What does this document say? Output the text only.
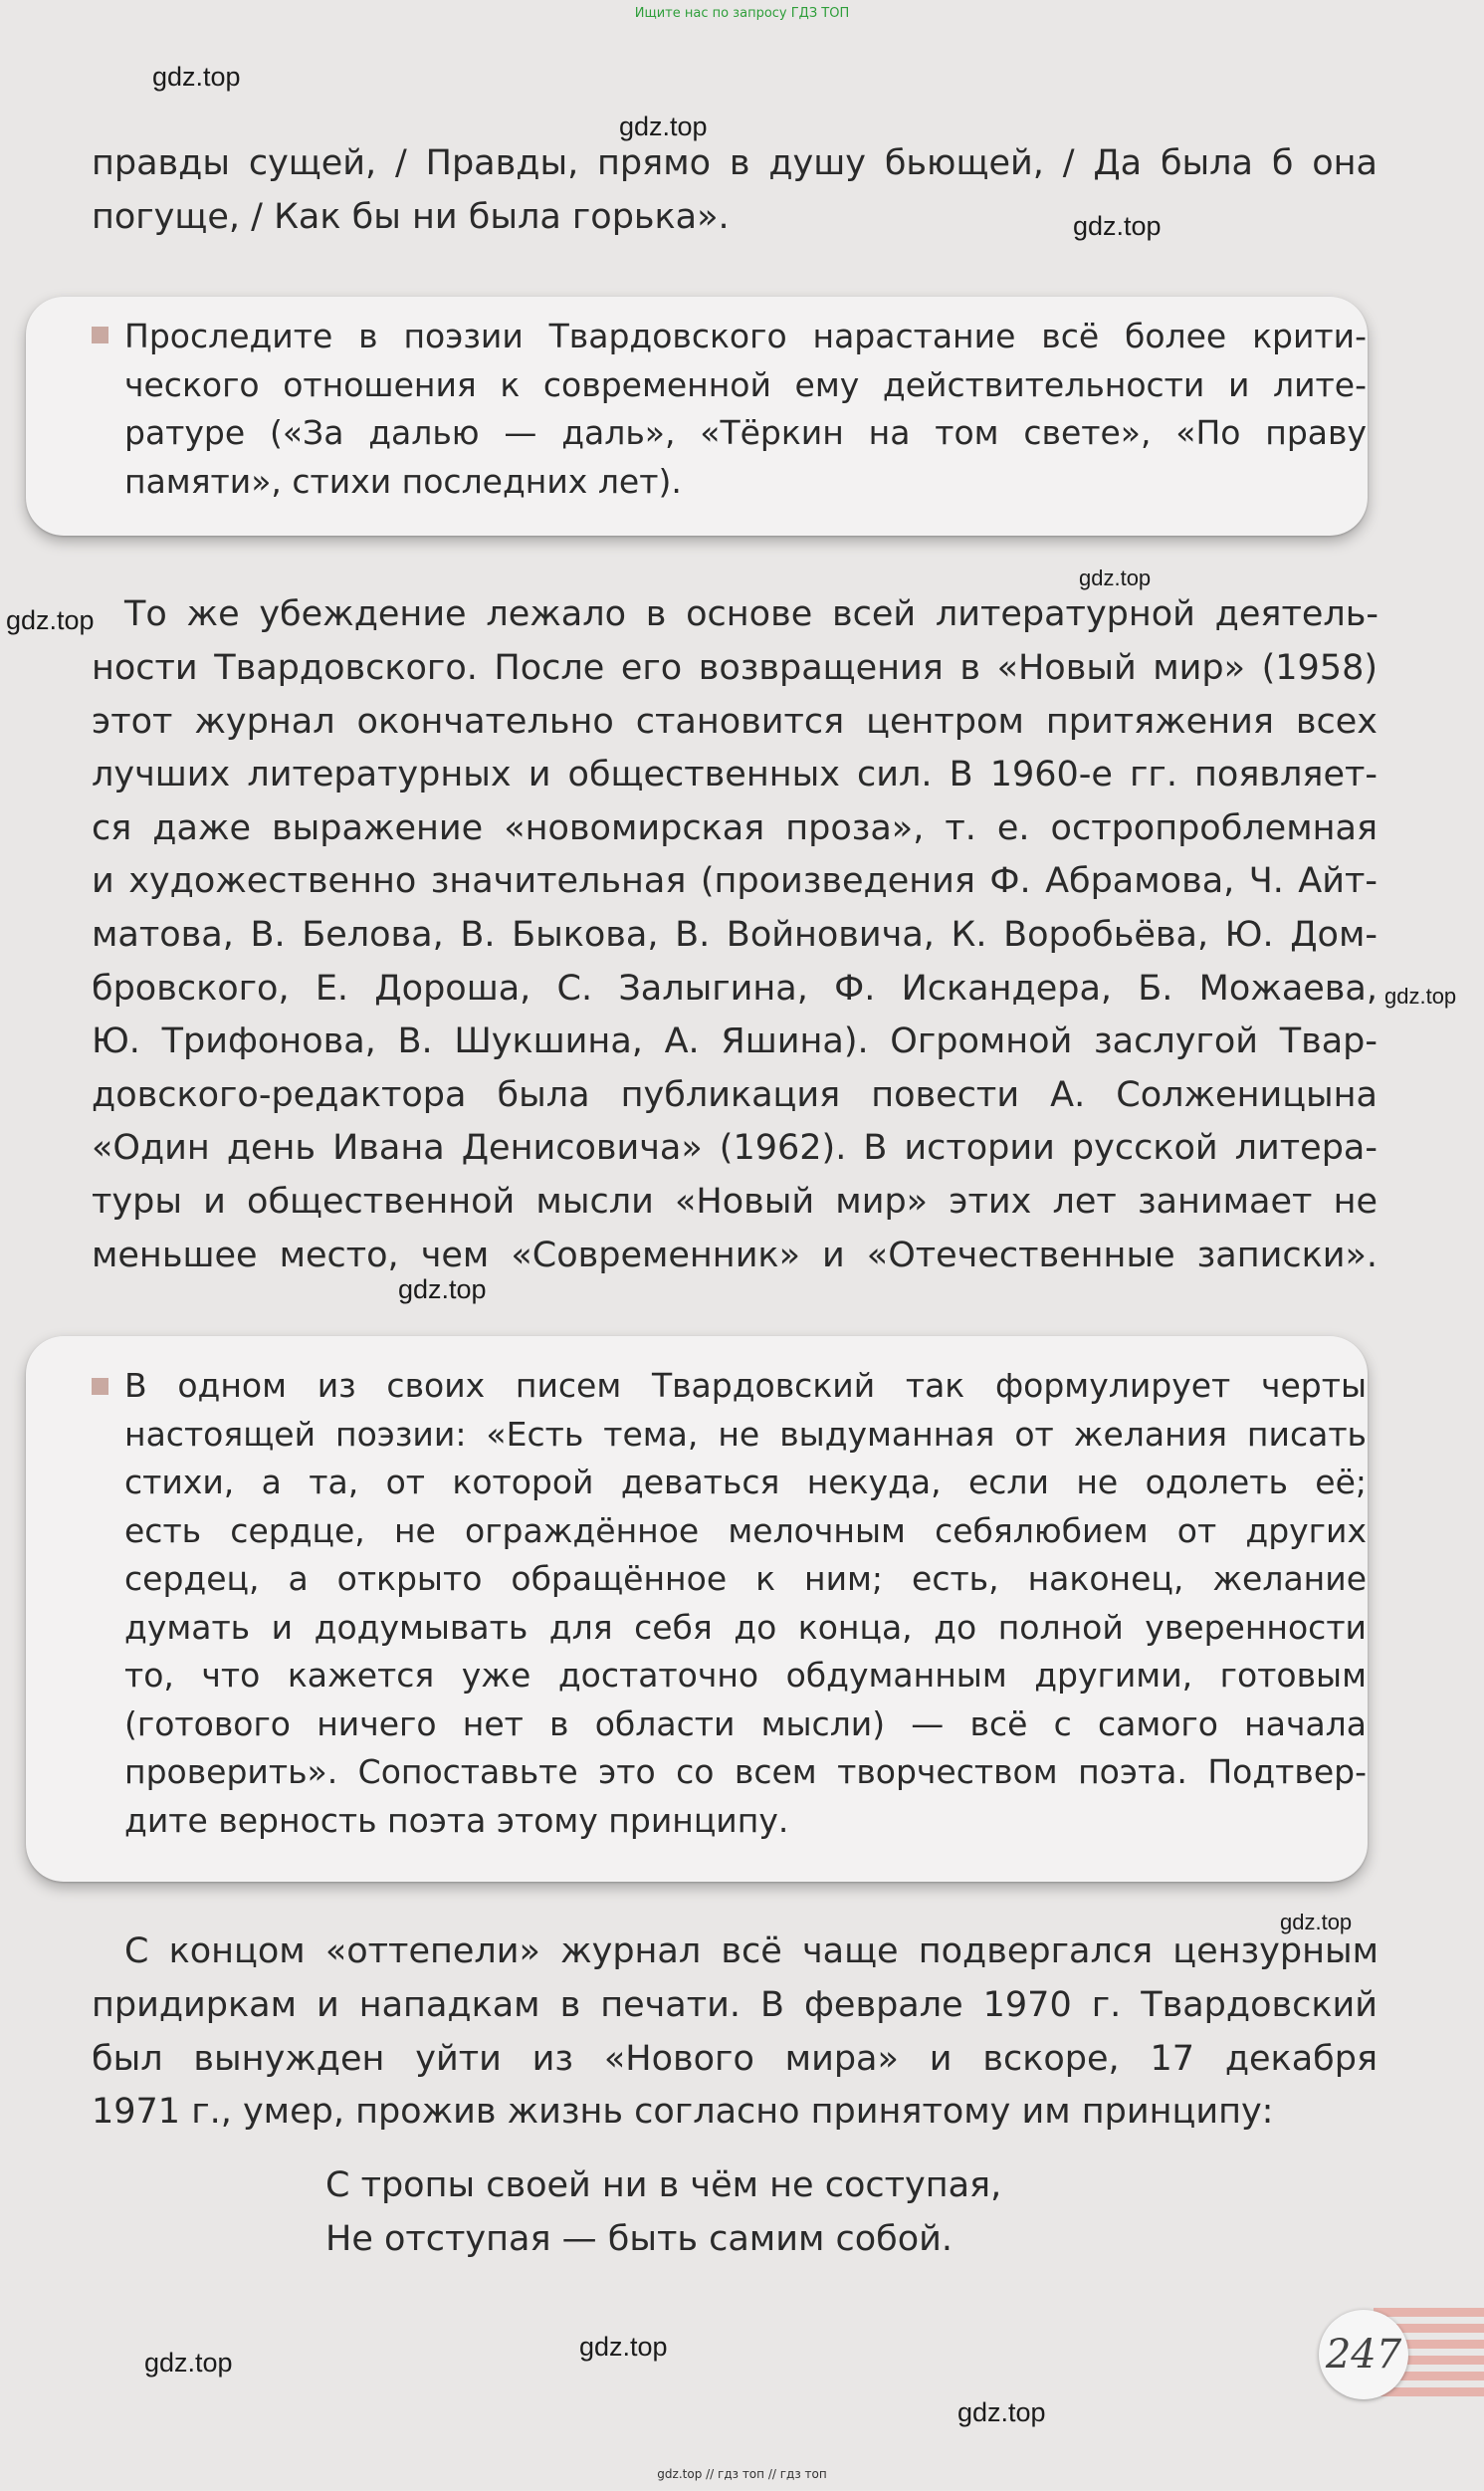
Ищите нас по запросу ГДЗ ТОП
gdz.top
gdz.top
gdz.top
gdz.top
gdz.top
gdz.top
gdz.top
gdz.top
gdz.top
gdz.top
gdz.top
правды сущей, / Правды, прямо в душу бьющей, / Да была б она
погуще, / Как бы ни была горька».
Проследите в поэзии Твардовского нарастание всё более крити-
ческого отношения к современной ему действительности и лите-
ратуре («За далью — даль», «Тёркин на том свете», «По праву
памяти», стихи последних лет).
То же убеждение лежало в основе всей литературной деятель-
ности Твардовского. После его возвращения в «Новый мир» (1958)
этот журнал окончательно становится центром притяжения всех
лучших литературных и общественных сил. В 1960-е гг. появляет-
ся даже выражение «новомирская проза», т. е. остропроблемная
и художественно значительная (произведения Ф. Абрамова, Ч. Айт-
матова, В. Белова, В. Быкова, В. Войновича, К. Воробьёва, Ю. Дом-
бровского, Е. Дороша, С. Залыгина, Ф. Искандера, Б. Можаева,
Ю. Трифонова, В. Шукшина, А. Яшина). Огромной заслугой Твар-
довского-редактора была публикация повести А. Солженицына
«Один день Ивана Денисовича» (1962). В истории русской литера-
туры и общественной мысли «Новый мир» этих лет занимает не
меньшее место, чем «Современник» и «Отечественные записки».
В одном из своих писем Твардовский так формулирует черты
настоящей поэзии: «Есть тема, не выдуманная от желания писать
стихи, а та, от которой деваться некуда, если не одолеть её;
есть сердце, не ограждённое мелочным себялюбием от других
сердец, а открыто обращённое к ним; есть, наконец, желание
думать и додумывать для себя до конца, до полной уверенности
то, что кажется уже достаточно обдуманным другими, готовым
(готового ничего нет в области мысли) — всё с самого начала
проверить». Сопоставьте это со всем творчеством поэта. Подтвер-
дите верность поэта этому принципу.
С концом «оттепели» журнал всё чаще подвергался цензурным
придиркам и нападкам в печати. В феврале 1970 г. Твардовский
был вынужден уйти из «Нового мира» и вскоре, 17 декабря
1971 г., умер, прожив жизнь согласно принятому им принципу:
С тропы своей ни в чём не соступая,
Не отступая — быть самим собой.
247
gdz.top // гдз топ // гдз топ
